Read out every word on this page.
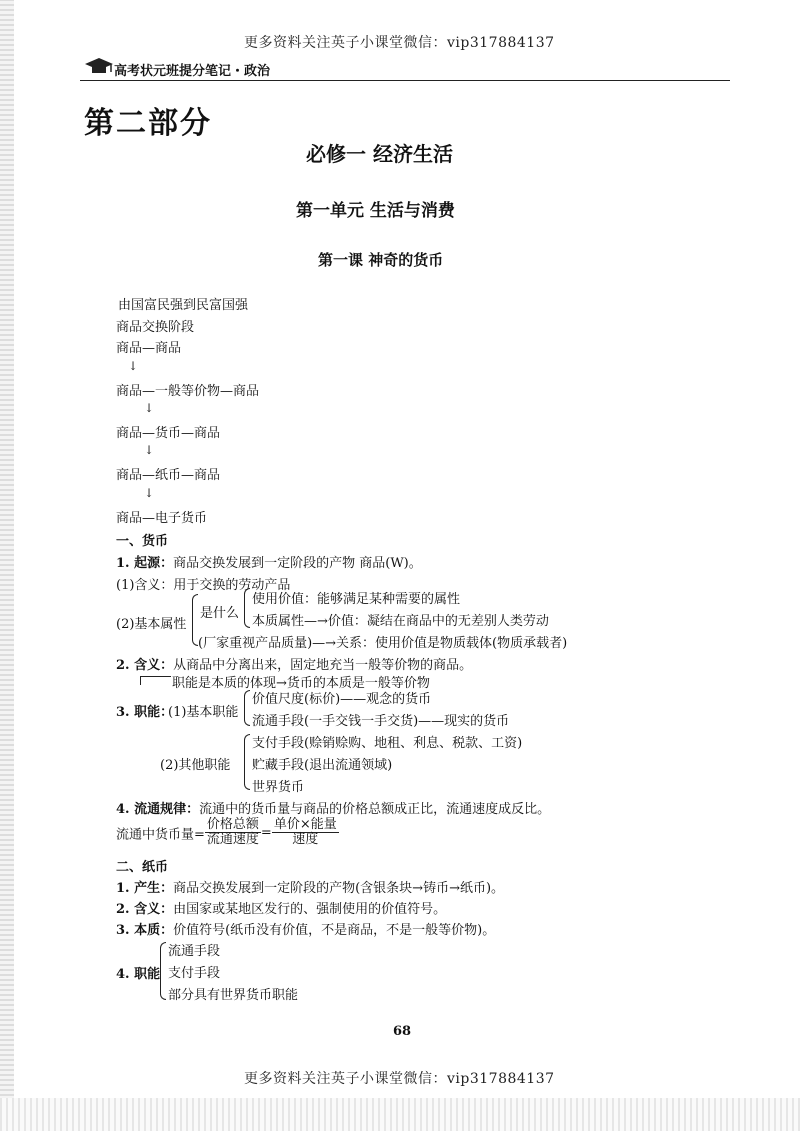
更多资料关注英子小课堂微信：vip317884137
高考状元班提分笔记・政治
第二部分
必修一 经济生活
第一单元 生活与消费
第一课 神奇的货币
由国富民强到民富国强
商品交换阶段
商品—商品
↓
商品—一般等价物—商品
↓
商品—货币—商品
↓
商品—纸币—商品
↓
商品—电子货币
一、货币
1. 起源：商品交换发展到一定阶段的产物 商品(W)。
(1)含义：用于交换的劳动产品
(2)基本属性
是什么
使用价值：能够满足某种需要的属性
本质属性—→价值：凝结在商品中的无差别人类劳动
(厂家重视产品质量)—→关系：使用价值是物质载体(物质承载者)
2. 含义：从商品中分离出来，固定地充当一般等价物的商品。
职能是本质的体现→货币的本质是一般等价物
3. 职能：
(1)基本职能
价值尺度(标价)——观念的货币
流通手段(一手交钱一手交货)——现实的货币
(2)其他职能
支付手段(赊销赊购、地租、利息、税款、工资)
贮藏手段(退出流通领域)
世界货币
4. 流通规律：流通中的货币量与商品的价格总额成正比，流通速度成反比。
流通中货币量= $\frac{\text{价格总额}}{\text{流通速度}} = \frac{\text{单价×能量}}{\text{速度}}$
二、纸币
1. 产生：商品交换发展到一定阶段的产物(含银条块→铸币→纸币)。
2. 含义：由国家或某地区发行的、强制使用的价值符号。
3. 本质：价值符号(纸币没有价值，不是商品，不是一般等价物)。
4. 职能
流通手段
支付手段
部分具有世界货币职能
68
更多资料关注英子小课堂微信：vip317884137
